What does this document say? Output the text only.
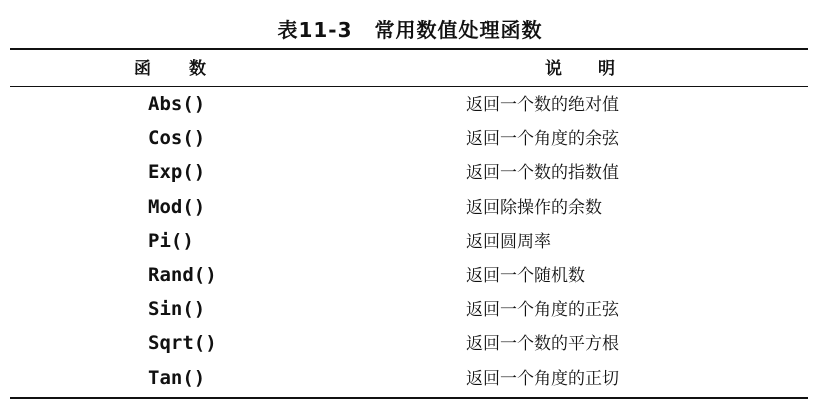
表11-3 常用数值处理函数
函数	说明
Abs()	返回一个数的绝对值
Cos()	返回一个角度的余弦
Exp()	返回一个数的指数值
Mod()	返回除操作的余数
Pi()	返回圆周率
Rand()	返回一个随机数
Sin()	返回一个角度的正弦
Sqrt()	返回一个数的平方根
Tan()	返回一个角度的正切
